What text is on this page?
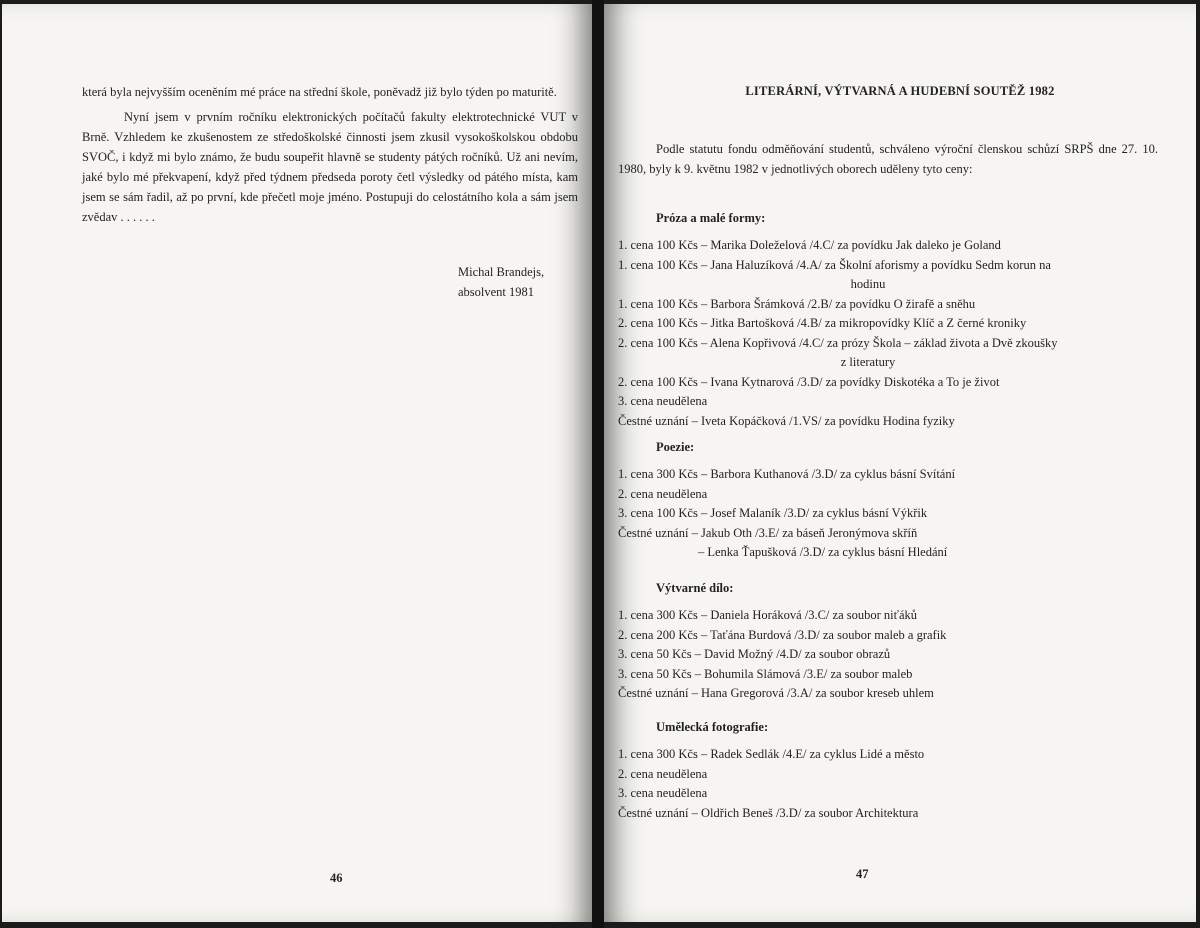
která byla nejvyšším oceněním mé práce na střední škole, poněvadž již bylo týden po maturitě.

Nyní jsem v prvním ročníku elektronických počítačů fakulty elektrotechnické VUT v Brně. Vzhledem ke zkušenostem ze středoškolské činnosti jsem zkusil vysokoškolskou obdobu SVOČ, i když mi bylo známo, že budu soupeřit hlavně se studenty pátých ročníků. Už ani nevím, jaké bylo mé překvapení, když před týdnem předseda poroty četl výsledky od pátého místa, kam jsem se sám řadil, až po první, kde přečetl moje jméno. Postupuji do celostátního kola a sám jsem zvědav . . . . . .

Michal Brandejs,
absolvent 1981
46
LITERÁRNÍ, VÝTVARNÁ A HUDEBNÍ SOUTĚŽ 1982

Podle statutu fondu odměňování studentů, schváleno výroční členskou schůzí SRPŠ dne 27. 10. 1980, byly k 9. květnu 1982 v jednotlivých oborech uděleny tyto ceny:

Próza a malé formy:
1. cena 100 Kčs – Marika Doleželová /4.C/ za povídku Jak daleko je Goland
1. cena 100 Kčs – Jana Haluzíková /4.A/ za Školní aforismy a povídku Sedm korun na
hodinu
1. cena 100 Kčs – Barbora Šrámková /2.B/ za povídku O žirafě a sněhu
2. cena 100 Kčs – Jitka Bartošková /4.B/ za mikropovídky Klíč a Z černé kroniky
2. cena 100 Kčs – Alena Kopřivová /4.C/ za prózy Škola – základ života a Dvě zkoušky
z literatury
2. cena 100 Kčs – Ivana Kytnarová /3.D/ za povídky Diskotéka a To je život
3. cena neudělena
Čestné uznání – Iveta Kopáčková /1.VS/ za povídku Hodina fyziky
Poezie:
1. cena 300 Kčs – Barbora Kuthanová /3.D/ za cyklus básní Svítání
2. cena neudělena
3. cena 100 Kčs – Josef Malaník /3.D/ za cyklus básní Výkřik
Čestné uznání – Jakub Oth /3.E/ za báseň Jeronýmova skříň
– Lenka Ťapušková /3.D/ za cyklus básní Hledání
Výtvarné dílo:
1. cena 300 Kčs – Daniela Horáková /3.C/ za soubor niťáků
2. cena 200 Kčs – Taťána Burdová /3.D/ za soubor maleb a grafik
3. cena 50 Kčs – David Možný /4.D/ za soubor obrazů
3. cena 50 Kčs – Bohumila Slámová /3.E/ za soubor maleb
Čestné uznání – Hana Gregorová /3.A/ za soubor kreseb uhlem
Umělecká fotografie:
1. cena 300 Kčs – Radek Sedlák /4.E/ za cyklus Lidé a město
2. cena neudělena
3. cena neudělena
Čestné uznání – Oldřich Beneš /3.D/ za soubor Architektura
47
